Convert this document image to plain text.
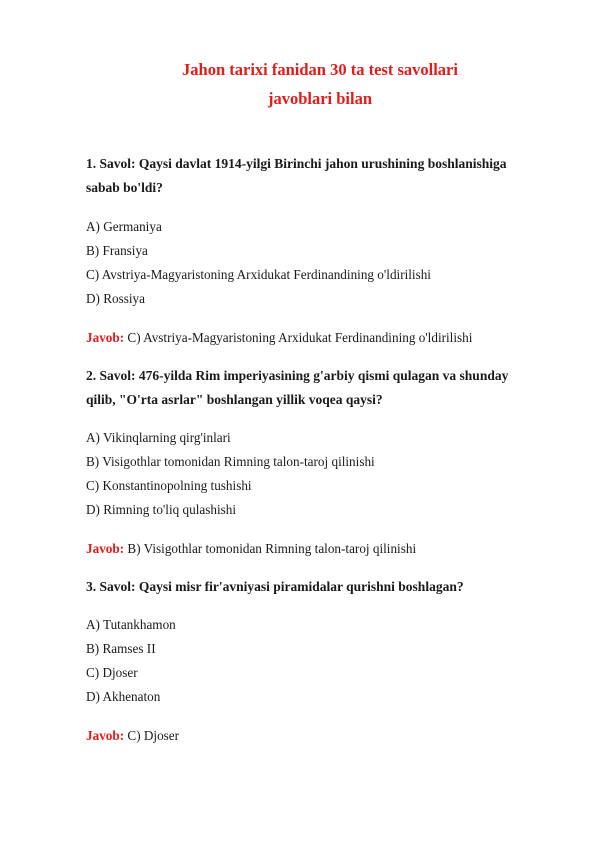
Jahon tarixi fanidan 30 ta test savollari

javoblari bilan

1. Savol: Qaysi davlat 1914-yilgi Birinchi jahon urushining boshlanishiga
sabab bo'ldi?

A) Germaniya
B) Fransiya
C) Avstriya-Magyaristoning Arxidukat Ferdinandining o'ldirilishi
D) Rossiya

Javob: C) Avstriya-Magyaristoning Arxidukat Ferdinandining o'ldirilishi

2. Savol: 476-yilda Rim imperiyasining g'arbiy qismi qulagan va shunday
qilib, "O'rta asrlar" boshlangan yillik voqea qaysi?

A) Vikinqlarning qirg'inlari
B) Visigothlar tomonidan Rimning talon-taroj qilinishi
C) Konstantinopolning tushishi
D) Rimning to'liq qulashishi

Javob: B) Visigothlar tomonidan Rimning talon-taroj qilinishi

3. Savol: Qaysi misr fir'avniyasi piramidalar qurishni boshlagan?

A) Tutankhamon
B) Ramses II
C) Djoser
D) Akhenaton

Javob: C) Djoser
